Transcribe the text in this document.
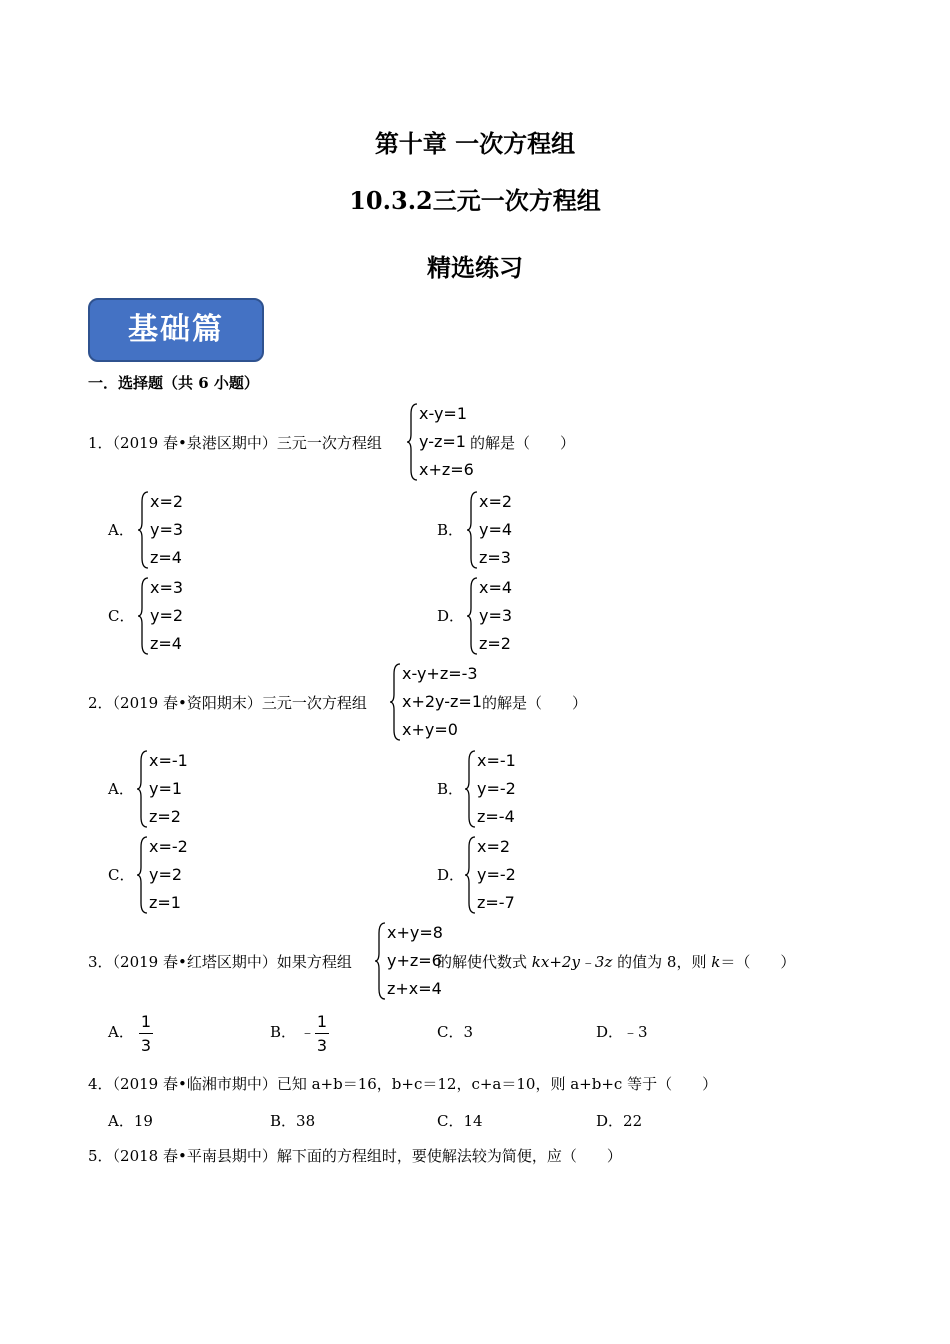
第十章 一次方程组
10.3.2三元一次方程组
精选练习
基础篇
一．选择题（共 6 小题）
1．（2019 春•泉港区期中）三元一次方程组
x-y=1
y-z=1
x+z=6
的解是（　　）
A．
x=2
y=3
z=4
B．
x=2
y=4
z=3
C．
x=3
y=2
z=4
D．
x=4
y=3
z=2
2．（2019 春•资阳期末）三元一次方程组
x-y+z=-3
x+2y-z=1
x+y=0
的解是（　　）
A．
x=-1
y=1
z=2
B．
x=-1
y=-2
z=-4
C．
x=-2
y=2
z=1
D．
x=2
y=-2
z=-7
3．（2019 春•红塔区期中）如果方程组
x+y=8
y+z=6
z+x=4
的解使代数式 kx+2y﹣3z 的值为 8，则 k＝（　　）
A．
1
3
B． ﹣
1
3
C．3	D．﹣3
4．（2019 春•临湘市期中）已知 a+b＝16，b+c＝12，c+a＝10，则 a+b+c 等于（　　）
A．19	B．38	C．14	D．22
5．（2018 春•平南县期中）解下面的方程组时，要使解法较为简便，应（　　）
